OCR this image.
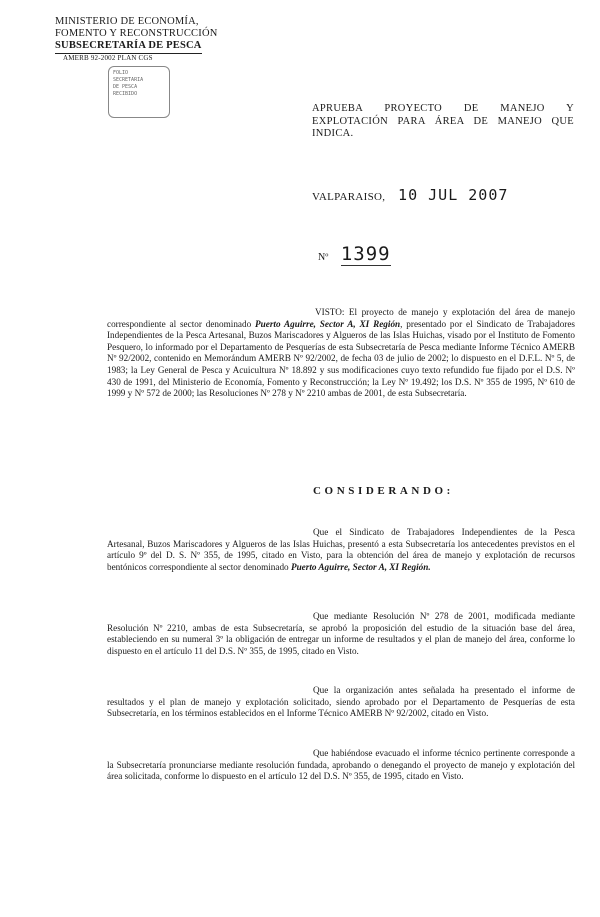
MINISTERIO DE ECONOMÍA,
FOMENTO Y RECONSTRUCCIÓN
SUBSECRETARÍA DE PESCA
AMERB 92-2002 PLAN CGS
FOLIO
SECRETARIA
DE PESCA
RECIBIDO
APRUEBA PROYECTO DE MANEJO Y EXPLOTACIÓN PARA ÁREA DE MANEJO QUE INDICA.
VALPARAISO, 10 JUL 2007
Nº 1399
VISTO: El proyecto de manejo y explotación del área de manejo correspondiente al sector denominado Puerto Aguirre, Sector A, XI Región, presentado por el Sindicato de Trabajadores Independientes de la Pesca Artesanal, Buzos Mariscadores y Algueros de las Islas Huichas, visado por el Instituto de Fomento Pesquero, lo informado por el Departamento de Pesquerías de esta Subsecretaría de Pesca mediante Informe Técnico AMERB Nº 92/2002, contenido en Memorándum AMERB Nº 92/2002, de fecha 03 de julio de 2002; lo dispuesto en el D.F.L. Nº 5, de 1983; la Ley General de Pesca y Acuicultura Nº 18.892 y sus modificaciones cuyo texto refundido fue fijado por el D.S. Nº 430 de 1991, del Ministerio de Economía, Fomento y Reconstrucción; la Ley Nº 19.492; los D.S. Nº 355 de 1995, Nº 610 de 1999 y Nº 572 de 2000; las Resoluciones Nº 278 y Nº 2210 ambas de 2001, de esta Subsecretaría.
CONSIDERANDO:
Que el Sindicato de Trabajadores Independientes de la Pesca Artesanal, Buzos Mariscadores y Algueros de las Islas Huichas, presentó a esta Subsecretaría los antecedentes previstos en el artículo 9º del D. S. Nº 355, de 1995, citado en Visto, para la obtención del área de manejo y explotación de recursos bentónicos correspondiente al sector denominado Puerto Aguirre, Sector A, XI Región.
Que mediante Resolución Nº 278 de 2001, modificada mediante Resolución Nº 2210, ambas de esta Subsecretaría, se aprobó la proposición del estudio de la situación base del área, estableciendo en su numeral 3º la obligación de entregar un informe de resultados y el plan de manejo del área, conforme lo dispuesto en el artículo 11 del D.S. Nº 355, de 1995, citado en Visto.
Que la organización antes señalada ha presentado el informe de resultados y el plan de manejo y explotación solicitado, siendo aprobado por el Departamento de Pesquerías de esta Subsecretaría, en los términos establecidos en el Informe Técnico AMERB Nº 92/2002, citado en Visto.
Que habiéndose evacuado el informe técnico pertinente corresponde a la Subsecretaría pronunciarse mediante resolución fundada, aprobando o denegando el proyecto de manejo y explotación del área solicitada, conforme lo dispuesto en el artículo 12 del D.S. Nº 355, de 1995, citado en Visto.
